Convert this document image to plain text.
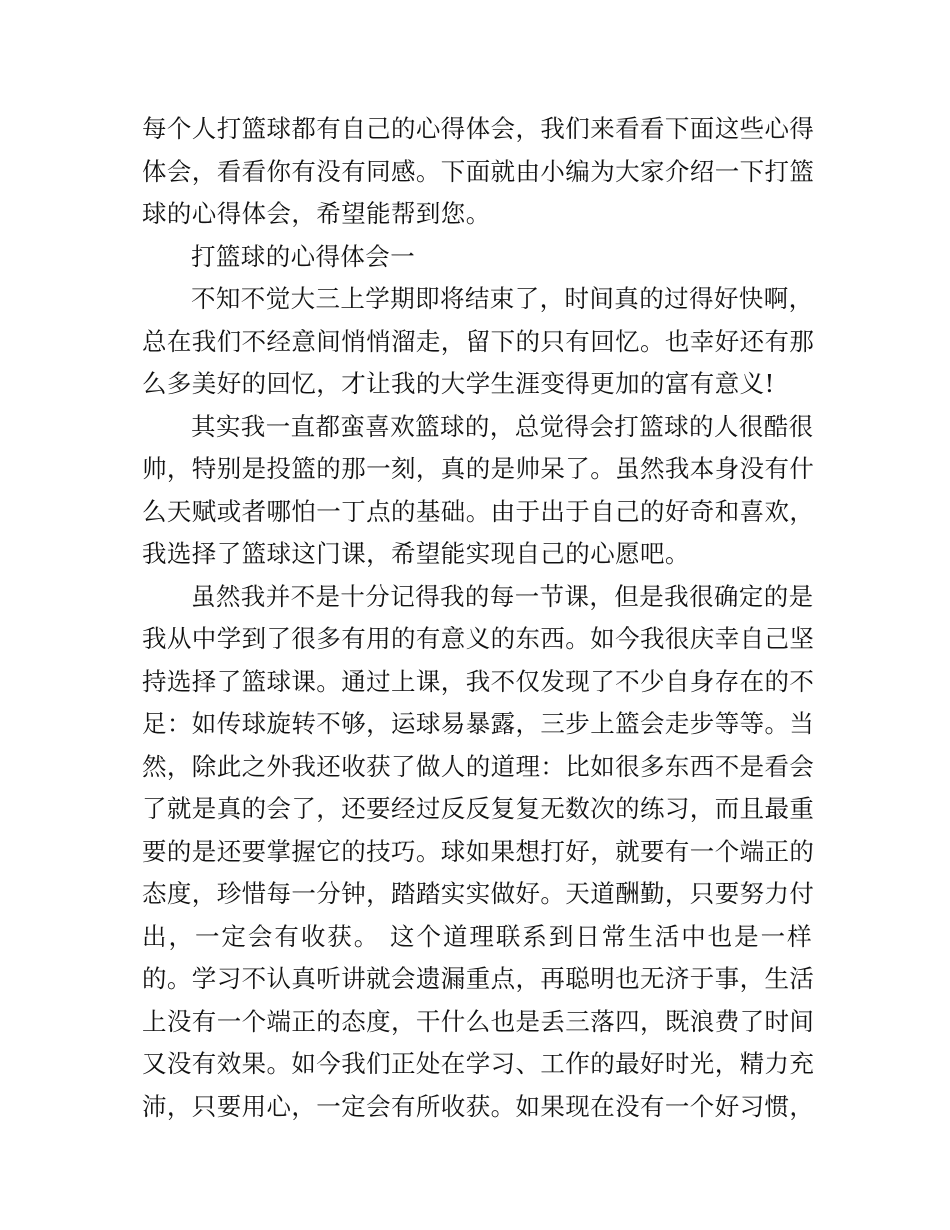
每个人打篮球都有自己的心得体会，我们来看看下面这些心得
体会，看看你有没有同感。下面就由小编为大家介绍一下打篮
球的心得体会，希望能帮到您。
打篮球的心得体会一
不知不觉大三上学期即将结束了，时间真的过得好快啊，
总在我们不经意间悄悄溜走，留下的只有回忆。也幸好还有那
么多美好的回忆，才让我的大学生涯变得更加的富有意义!
其实我一直都蛮喜欢篮球的，总觉得会打篮球的人很酷很
帅，特别是投篮的那一刻，真的是帅呆了。虽然我本身没有什
么天赋或者哪怕一丁点的基础。由于出于自己的好奇和喜欢，
我选择了篮球这门课，希望能实现自己的心愿吧。
虽然我并不是十分记得我的每一节课，但是我很确定的是
我从中学到了很多有用的有意义的东西。如今我很庆幸自己坚
持选择了篮球课。通过上课，我不仅发现了不少自身存在的不
足：如传球旋转不够，运球易暴露，三步上篮会走步等等。当
然，除此之外我还收获了做人的道理：比如很多东西不是看会
了就是真的会了，还要经过反反复复无数次的练习，而且最重
要的是还要掌握它的技巧。球如果想打好，就要有一个端正的
态度，珍惜每一分钟，踏踏实实做好。天道酬勤，只要努力付
出，一定会有收获。 这个道理联系到日常生活中也是一样
的。学习不认真听讲就会遗漏重点，再聪明也无济于事，生活
上没有一个端正的态度，干什么也是丢三落四，既浪费了时间
又没有效果。如今我们正处在学习、工作的最好时光，精力充
沛，只要用心，一定会有所收获。如果现在没有一个好习惯，
